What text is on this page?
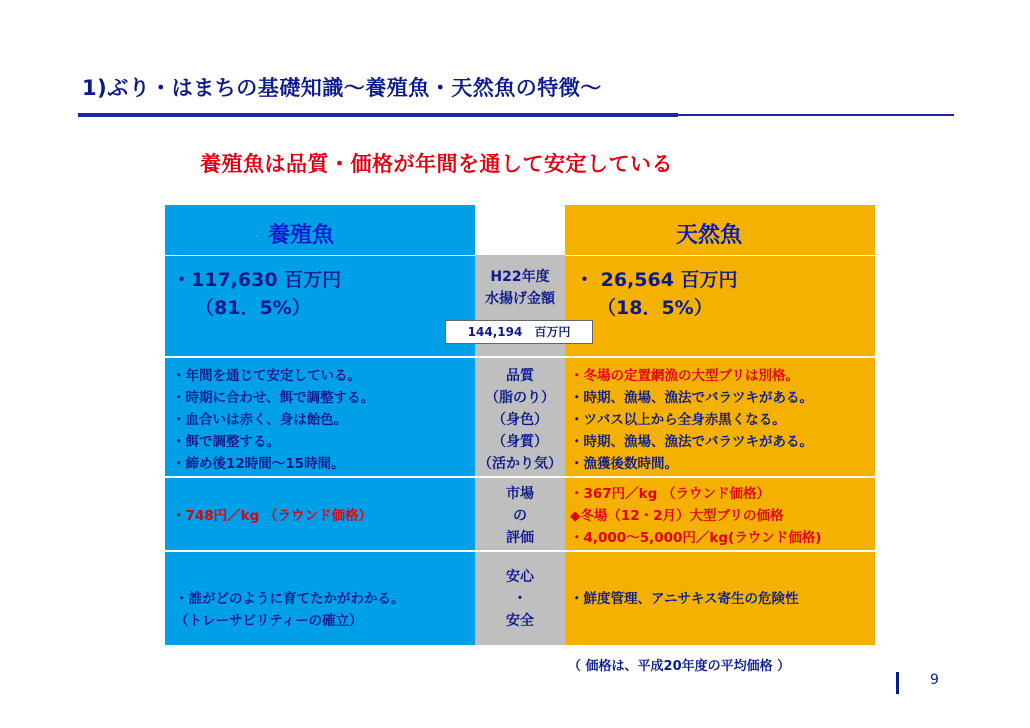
1)ぶり・はまちの基礎知識～養殖魚・天然魚の特徴～
養殖魚は品質・価格が年間を通して安定している
養殖魚	天然魚
・117,630 百万円
（81．5%）
・ 26,564 百万円
（18．5%）
H22年度
水揚げ金額
144,194　百万円
・年間を通じて安定している。
・時期に合わせ、餌で調整する。
・血合いは赤く、身は飴色。
・餌で調整する。
・締め後12時間～15時間。
品質
（脂のり）
（身色）
（身質）
（活かり気）
・冬場の定置網漁の大型ブリは別格。
・時期、漁場、漁法でバラツキがある。
・ツバス以上から全身赤黒くなる。
・時期、漁場、漁法でバラツキがある。
・漁獲後数時間。
・748円／kg （ラウンド価格）
市場
の
評価
・367円／kg （ラウンド価格）
◆冬場（12・2月）大型ブリの価格
・4,000～5,000円／kg(ラウンド価格)
・誰がどのように育てたかがわかる。
（トレーサビリティーの確立）
安心
・
安全
・鮮度管理、アニサキス寄生の危険性
（ 価格は、平成20年度の平均価格 ）
9
